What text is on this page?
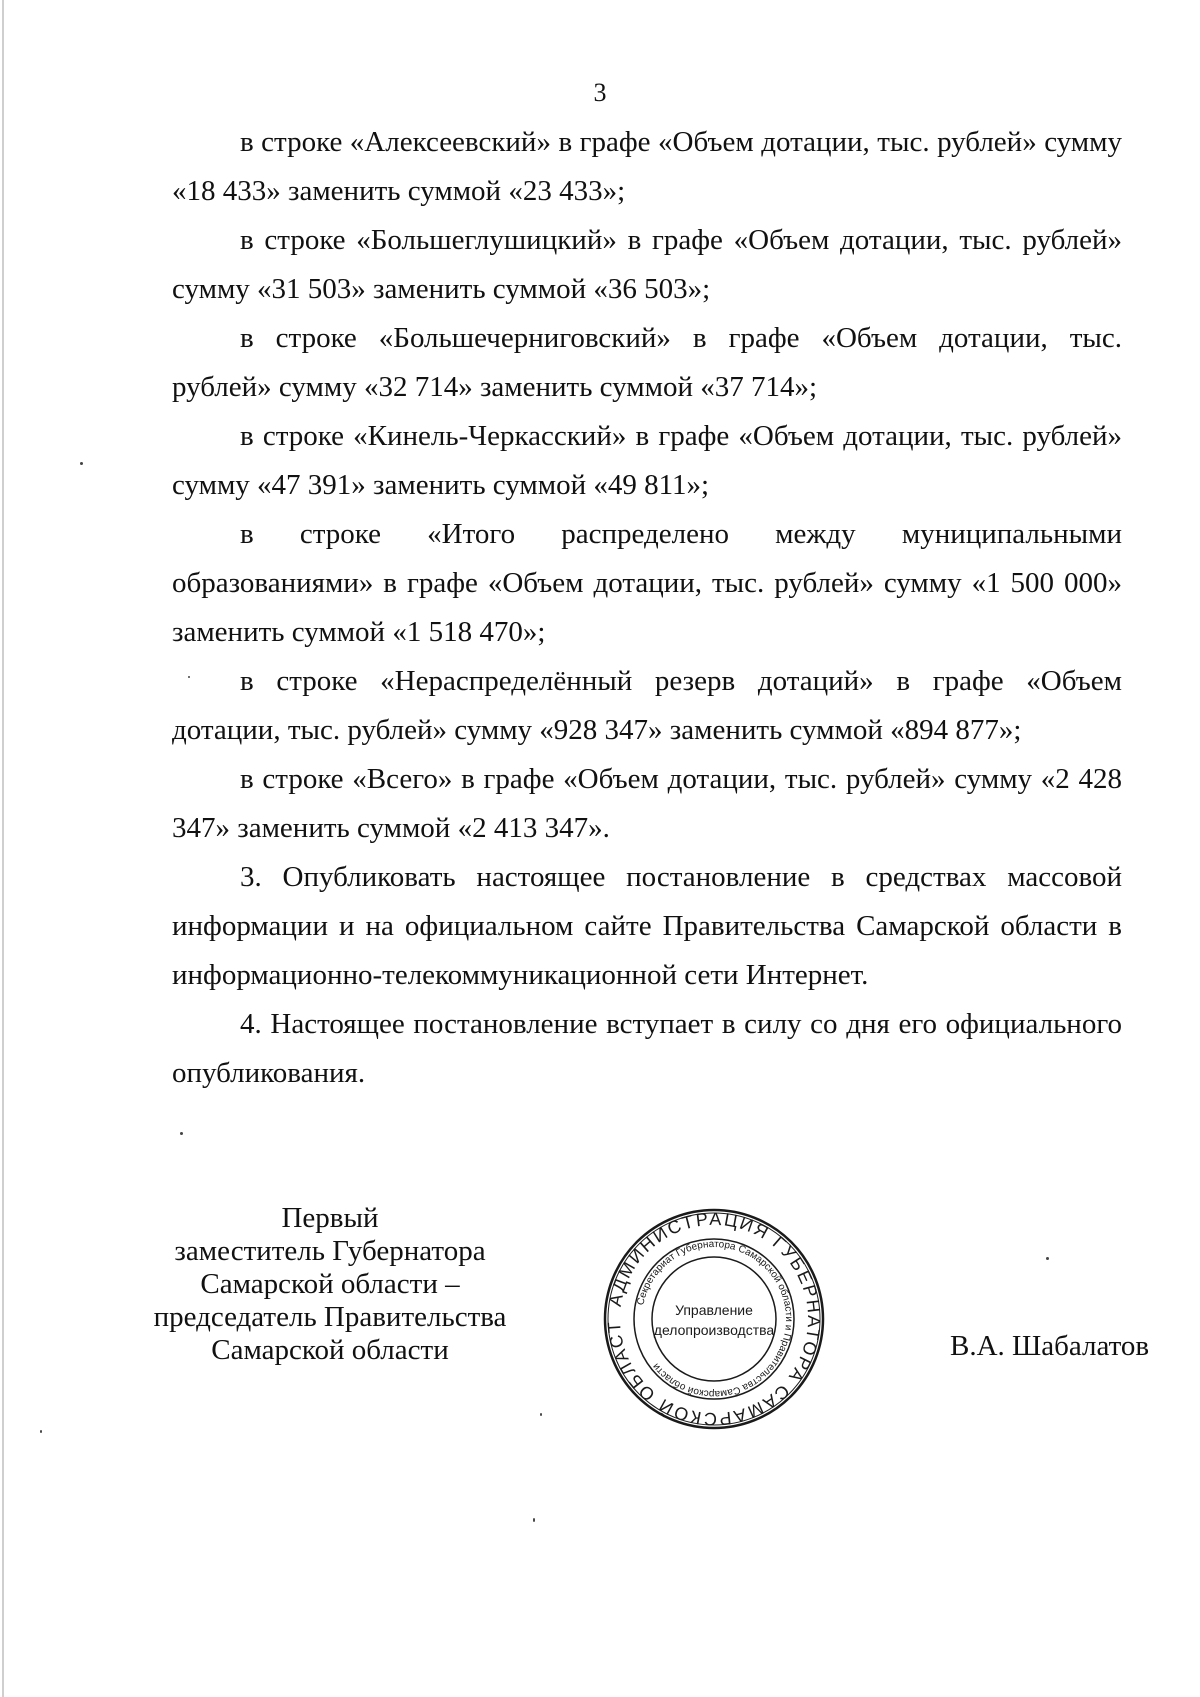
3

в строке «Алексеевский» в графе «Объем дотации, тыс. рублей» сумму «18 433» заменить суммой «23 433»;

в строке «Большеглушицкий» в графе «Объем дотации, тыс. рублей» сумму «31 503» заменить суммой «36 503»;

в строке «Большечерниговский» в графе «Объем дотации, тыс. рублей» сумму «32 714» заменить суммой «37 714»;

в строке «Кинель-Черкасский» в графе «Объем дотации, тыс. рублей» сумму «47 391» заменить суммой «49 811»;

в строке «Итого распределено между муниципальными образованиями» в графе «Объем дотации, тыс. рублей» сумму «1 500 000» заменить суммой «1 518 470»;

в строке «Нераспределённый резерв дотаций» в графе «Объем дотации, тыс. рублей» сумму «928 347» заменить суммой «894 877»;

в строке «Всего» в графе «Объем дотации, тыс. рублей» сумму «2 428 347» заменить суммой «2 413 347».

3. Опубликовать настоящее постановление в средствах массовой информации и на официальном сайте Правительства Самарской области в информационно-телекоммуникационной сети Интернет.

4. Настоящее постановление вступает в силу со дня его официального опубликования.

Первый
заместитель Губернатора
Самарской области –
председатель Правительства
Самарской области
АДМИНИСТРАЦИЯ ГУБЕРНАТОРА САМАРСКОЙ ОБЛАСТ
Секретариат Губернатора Самарской области и Правительства Самарской области
Управление
делопроизводства	В.А. Шабалатов
